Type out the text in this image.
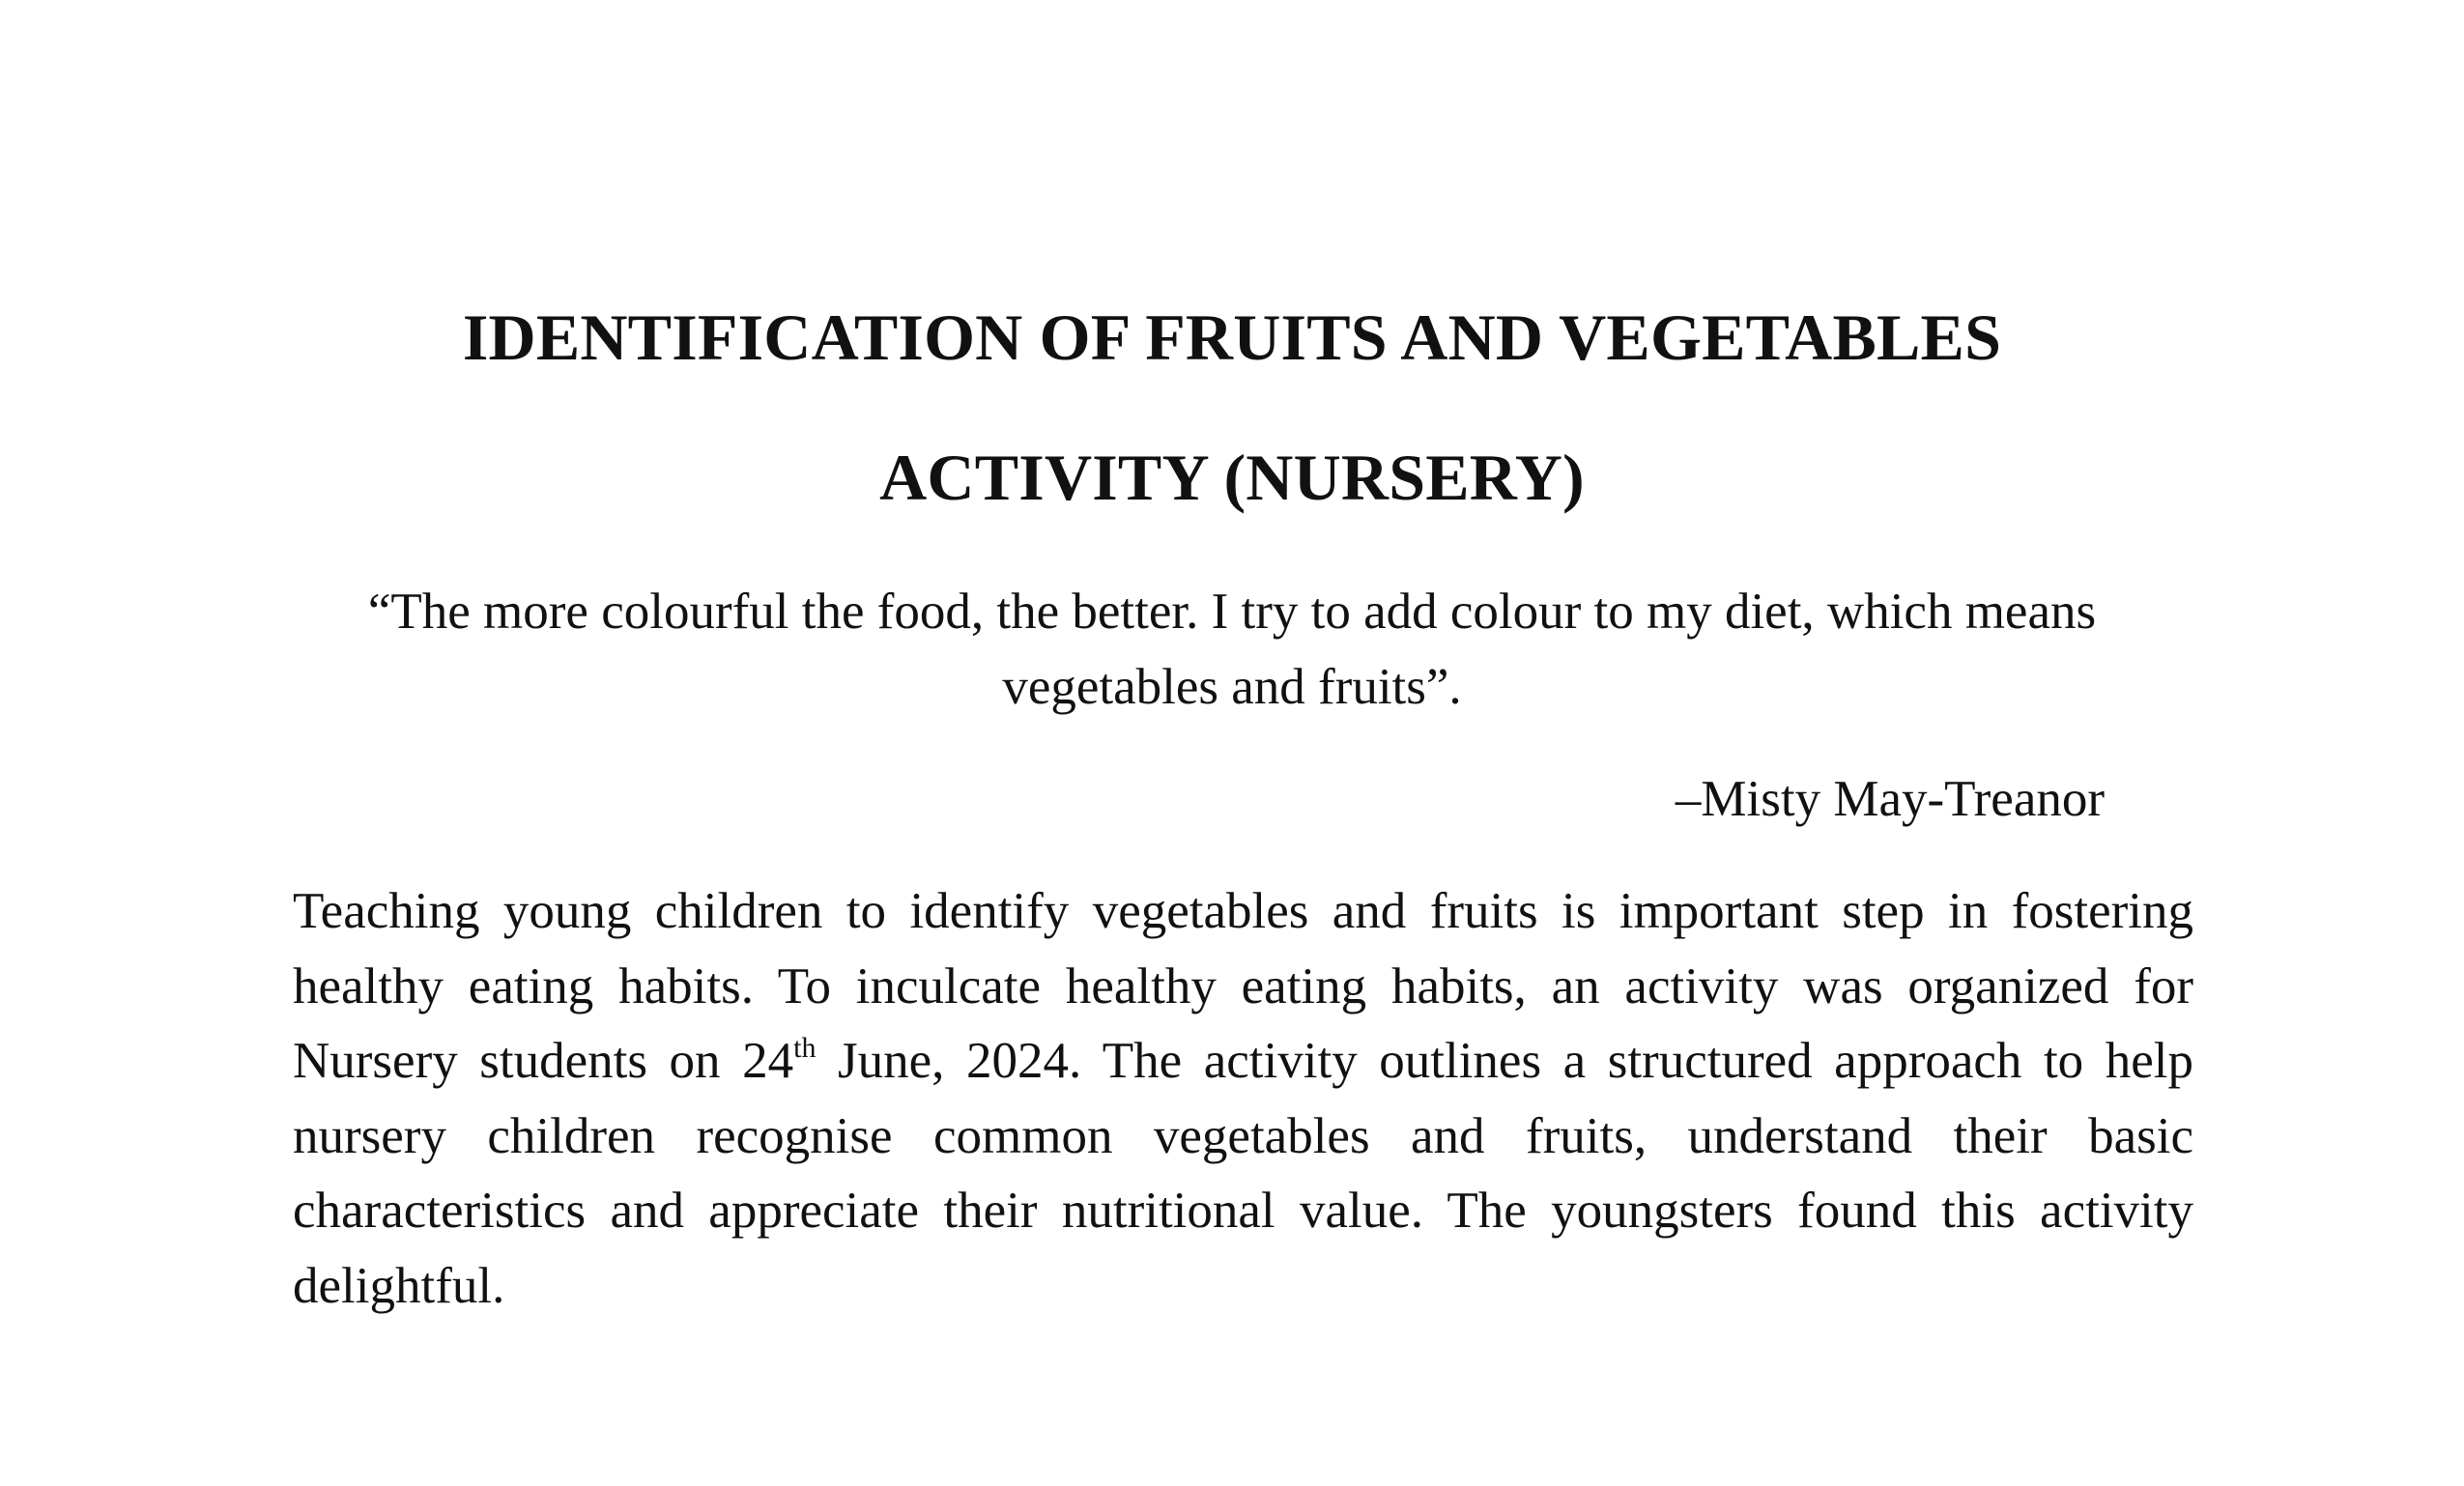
IDENTIFICATION OF FRUITS AND VEGETABLES
ACTIVITY (NURSERY)

“The more colourful the food, the better. I try to add colour to my diet, which means vegetables and fruits”.

–Misty May-Treanor

Teaching young children to identify vegetables and fruits is important step in fostering healthy eating habits. To inculcate healthy eating habits, an activity was organized for Nursery students on 24th June, 2024. The activity outlines a structured approach to help nursery children recognise common vegetables and fruits, understand their basic characteristics and appreciate their nutritional value. The youngsters found this activity delightful.
